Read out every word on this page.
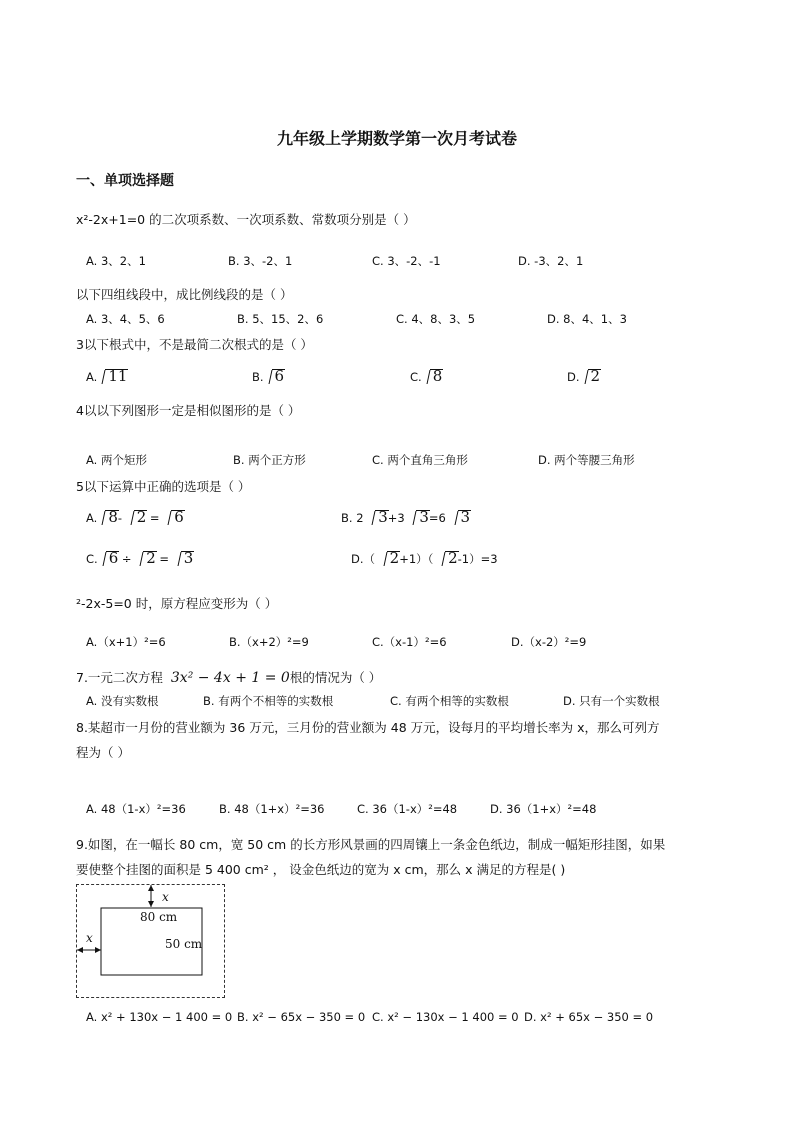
九年级上学期数学第一次月考试卷
一、单项选择题
x²-2x+1=0 的二次项系数、一次项系数、常数项分别是（ ）
A. 3、2、1	B. 3、-2、1	C. 3、-2、-1	D. -3、2、1
以下四组线段中，成比例线段的是（ ）
A. 3、4、5、6	B. 5、15、2、6	C. 4、8、3、5	D. 8、4、1、3
3以下根式中，不是最简二次根式的是（ ）
A. 11	B. 6	C. 8	D. 2
4以以下列图形一定是相似图形的是（ ）
A. 两个矩形	B. 两个正方形	C. 两个直角三角形	D. 两个等腰三角形
5以下运算中正确的选项是（ ）
A. 8- 2 = 6	B. 2 3+3 3=6 3
C. 6 ÷ 2 = 3	D.（ 2+1）（ 2-1）=3
²-2x-5=0 时，原方程应变形为（ ）
A.（x+1）²=6	B.（x+2）²=9	C.（x-1）²=6	D.（x-2）²=9
7.一元二次方程 3x² − 4x + 1 = 0根的情况为（ ）
A. 没有实数根	B. 有两个不相等的实数根	C. 有两个相等的实数根	D. 只有一个实数根
8.某超市一月份的营业额为 36 万元，三月份的营业额为 48 万元，设每月的平均增长率为 x，那么可列方
程为（ ）
A. 48（1-x）²=36	B. 48（1+x）²=36	C. 36（1-x）²=48	D. 36（1+x）²=48
9.如图，在一幅长 80 cm，宽 50 cm 的长方形风景画的四周镶上一条金色纸边，制成一幅矩形挂图，如果
要使整个挂图的面积是 5 400 cm² ， 设金色纸边的宽为 x cm，那么 x 满足的方程是( )
x
x
80 cm
50 cm
A. x² + 130x − 1 400 = 0 B. x² − 65x − 350 = 0 C. x² − 130x − 1 400 = 0 D. x² + 65x − 350 = 0
